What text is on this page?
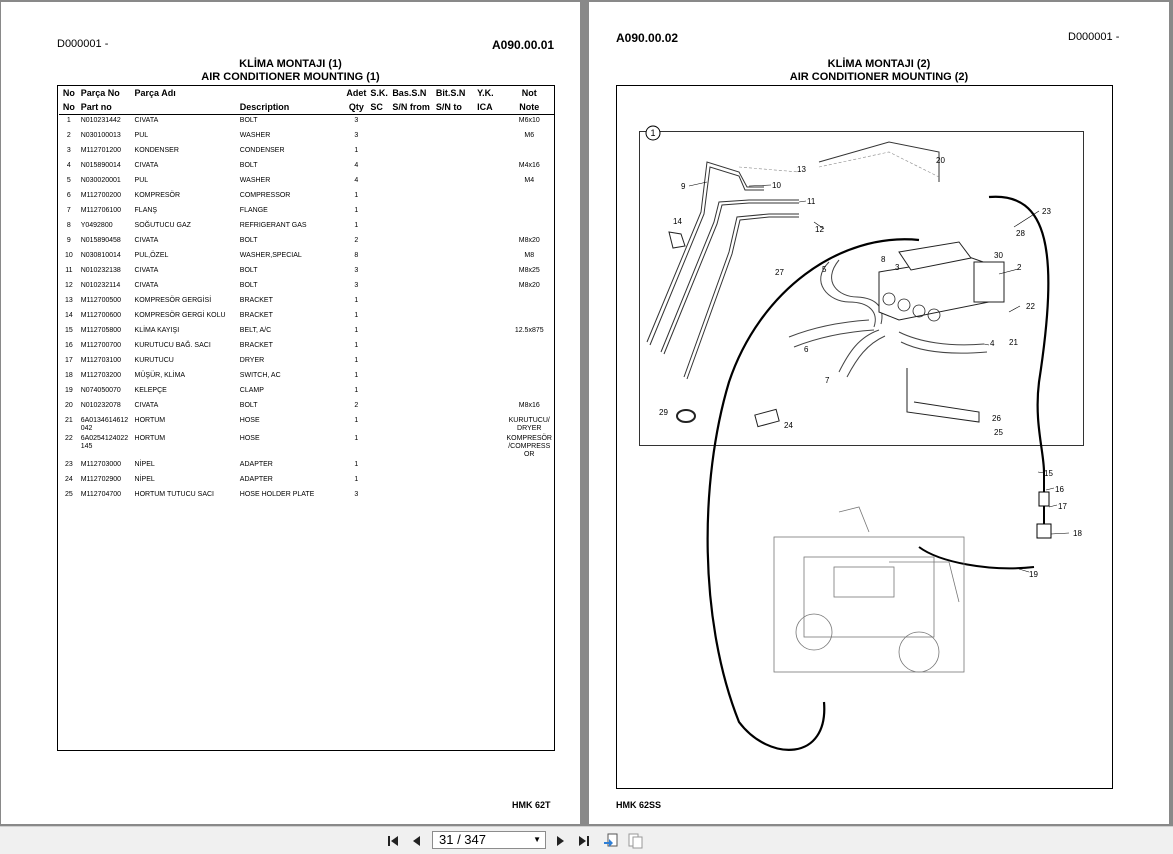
D000001 -	A090.00.01
KLİMA MONTAJI (1)
AIR CONDITIONER MOUNTING (1)
No	Parça No	Parça Adı		Adet	S.K.	Bas.S.N	Bit.S.N	Y.K.	Not
No	Part no		Description	Qty	SC	S/N from	S/N to	ICA	Note
1	N010231442	CIVATA	BOLT	3					M6x10
2	N030100013	PUL	WASHER	3					M6
3	M112701200	KONDENSER	CONDENSER	1					
4	N015890014	CIVATA	BOLT	4					M4x16
5	N030020001	PUL	WASHER	4					M4
6	M112700200	KOMPRESÖR	COMPRESSOR	1					
7	M112706100	FLANŞ	FLANGE	1					
8	Y0492800	SOĞUTUCU GAZ	REFRIGERANT GAS	1					
9	N015890458	CIVATA	BOLT	2					M8x20
10	N030810014	PUL,ÖZEL	WASHER,SPECIAL	8					M8
11	N010232138	CIVATA	BOLT	3					M8x25
12	N010232114	CIVATA	BOLT	3					M8x20
13	M112700500	KOMPRESÖR GERGİSİ	BRACKET	1					
14	M112700600	KOMPRESÖR GERGİ KOLU	BRACKET	1					
15	M112705800	KLİMA KAYIŞI	BELT, A/C	1					12.5x875
16	M112700700	KURUTUCU BAĞ. SACI	BRACKET	1					
17	M112703100	KURUTUCU	DRYER	1					
18	M112703200	MÜŞÜR, KLİMA	SWITCH, AC	1					
19	N074050070	KELEPÇE	CLAMP	1					
20	N010232078	CIVATA	BOLT	2					M8x16
21	6A0134614612 042	HORTUM	HOSE	1					KURUTUCU/ DRYER
22	6A0254124022 145	HORTUM	HOSE	1					KOMPRESÖR /COMPRESS OR
23	M112703000	NİPEL	ADAPTER	1					
24	M112702900	NİPEL	ADAPTER	1					
25	M112704700	HORTUM TUTUCU SACI	HOSE HOLDER PLATE	3					
HMK 62T
A090.00.02	D000001 -
KLİMA MONTAJI (2)
AIR CONDITIONER MOUNTING (2)
1
2
3
4
5
6
7
8
9	10
11
12
13
14
15
16
17
18
19
20
21
22
23
24
25
26
27
28
29
30
HMK 62SS
31 / 347	▼
